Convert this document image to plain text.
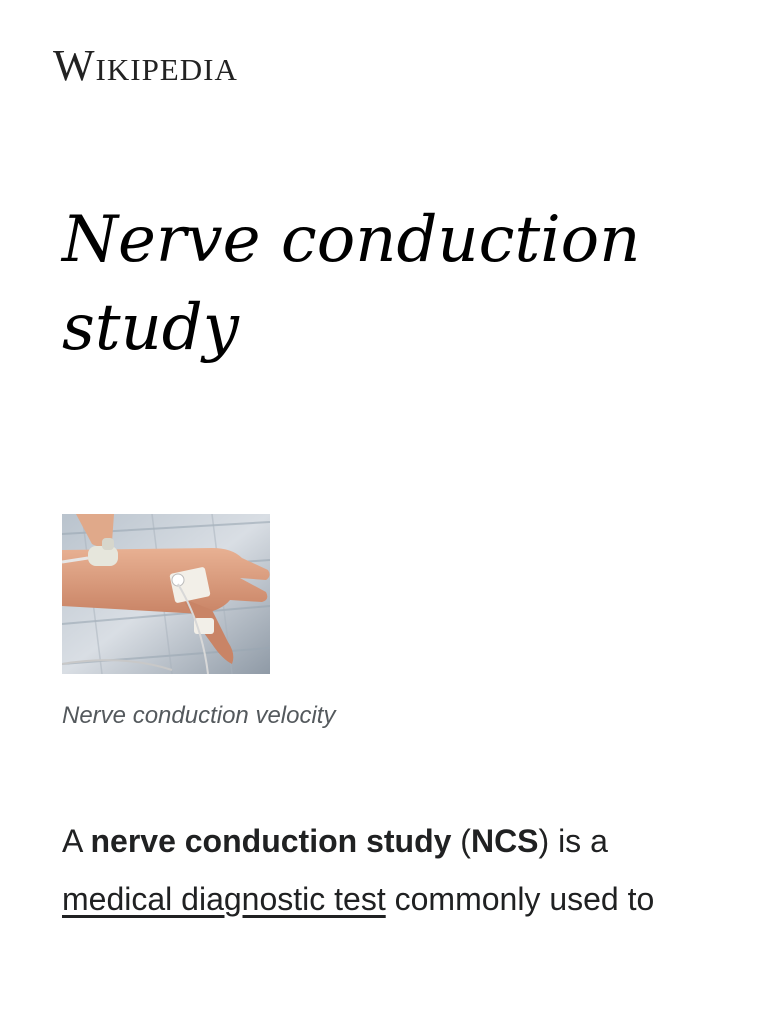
Wikipedia
Nerve conduction study
Nerve conduction velocity

A nerve conduction study (NCS) is a medical diagnostic test commonly used to
